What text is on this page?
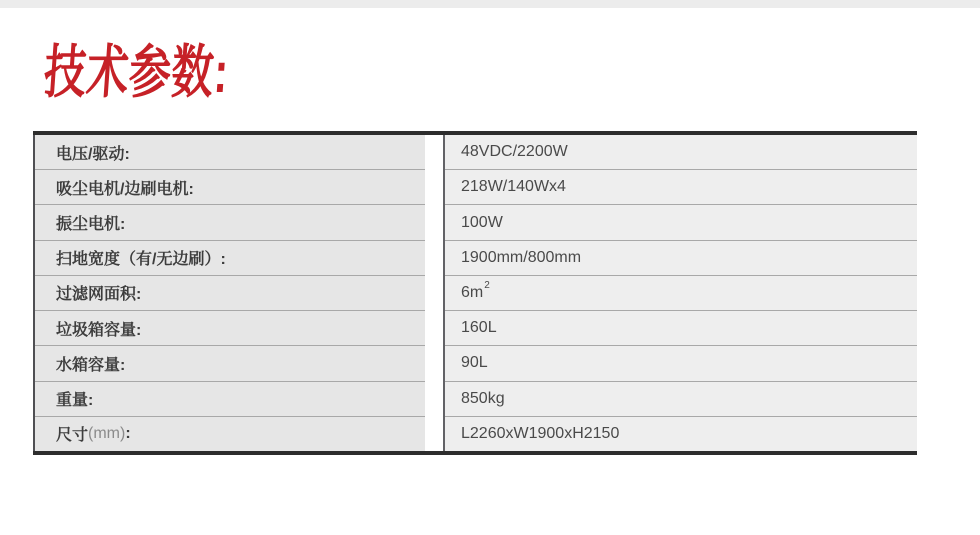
技术参数:
电压/驱动:
吸尘电机/边刷电机:
振尘电机:
扫地宽度（有/无边刷）:
过滤网面积:
垃圾箱容量:
水箱容量:
重量:
尺寸 (mm) :
48VDC/2200W
218W/140Wx4
100W
1900mm/800mm
$6m^2$
160L
90L
850kg
L2260xW1900xH2150
